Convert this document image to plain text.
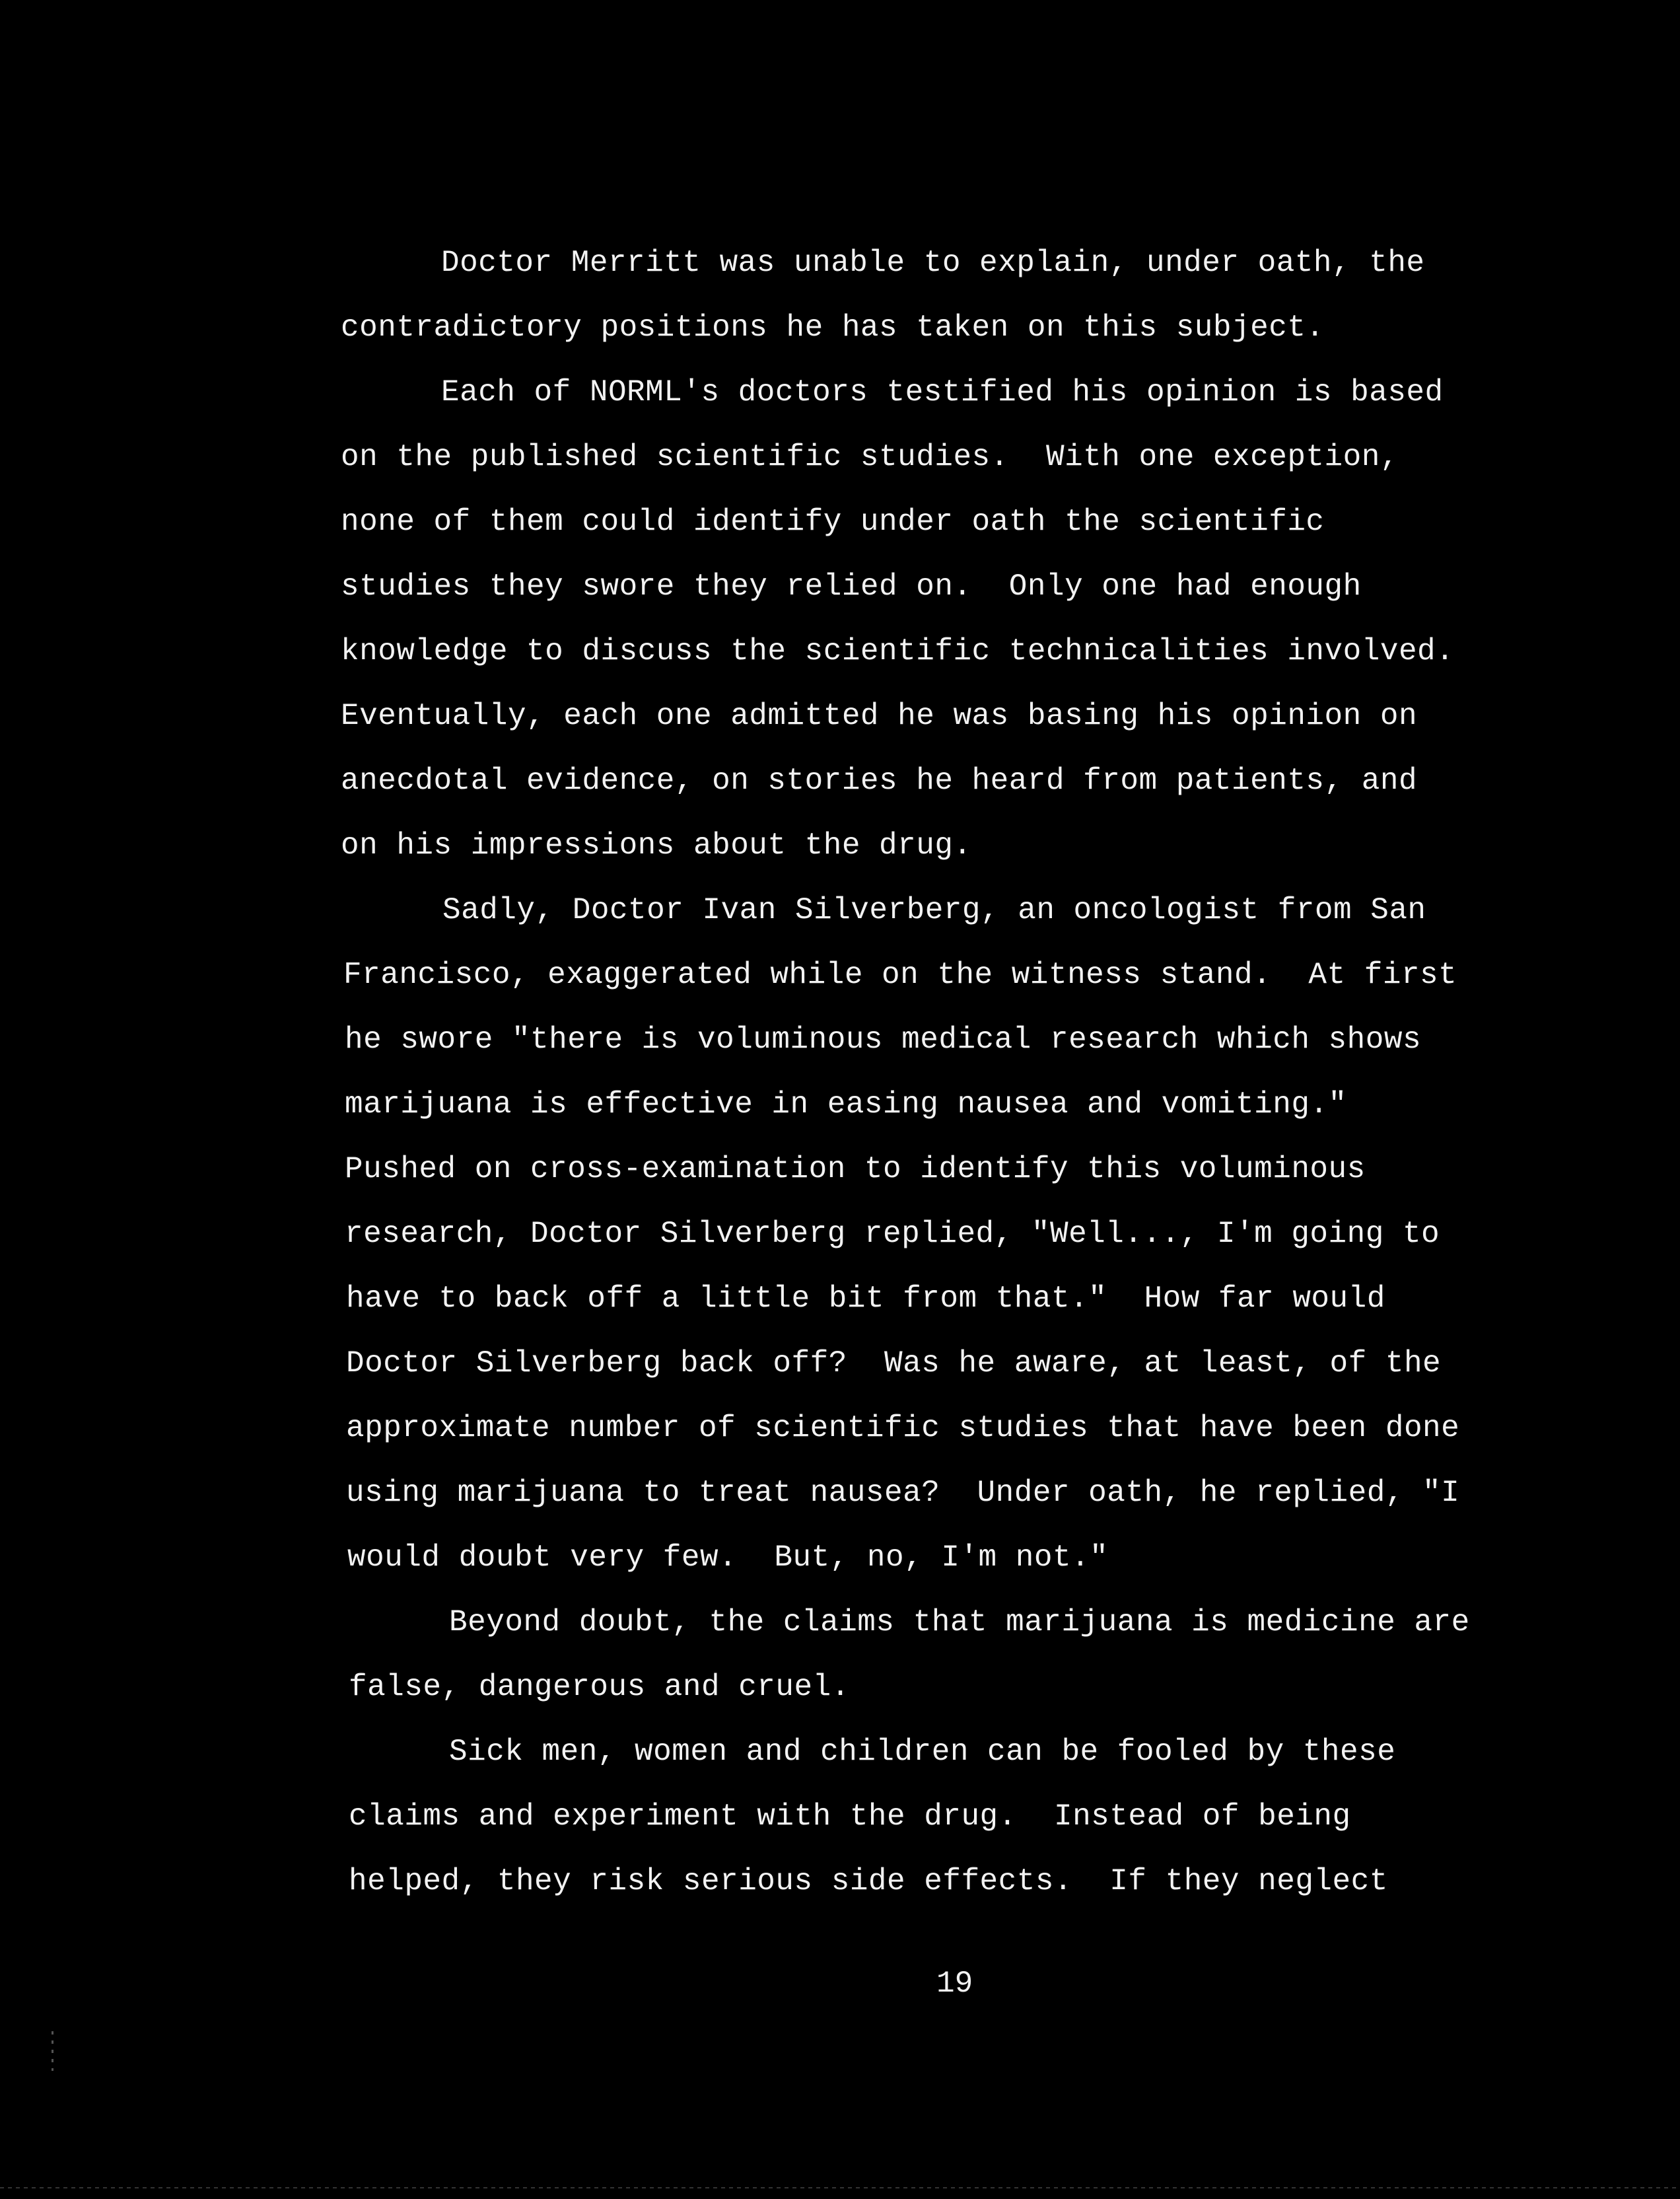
Doctor Merritt was unable to explain, under oath, the
contradictory positions he has taken on this subject.
Each of NORML's doctors testified his opinion is based
on the published scientific studies.  With one exception,
none of them could identify under oath the scientific
studies they swore they relied on.  Only one had enough
knowledge to discuss the scientific technicalities involved.
Eventually, each one admitted he was basing his opinion on
anecdotal evidence, on stories he heard from patients, and
on his impressions about the drug.
Sadly, Doctor Ivan Silverberg, an oncologist from San
Francisco, exaggerated while on the witness stand.  At first
he swore "there is voluminous medical research which shows
marijuana is effective in easing nausea and vomiting."
Pushed on cross-examination to identify this voluminous
research, Doctor Silverberg replied, "Well..., I'm going to
have to back off a little bit from that."  How far would
Doctor Silverberg back off?  Was he aware, at least, of the
approximate number of scientific studies that have been done
using marijuana to treat nausea?  Under oath, he replied, "I
would doubt very few.  But, no, I'm not."
Beyond doubt, the claims that marijuana is medicine are
false, dangerous and cruel.
Sick men, women and children can be fooled by these
claims and experiment with the drug.  Instead of being
helped, they risk serious side effects.  If they neglect
19
